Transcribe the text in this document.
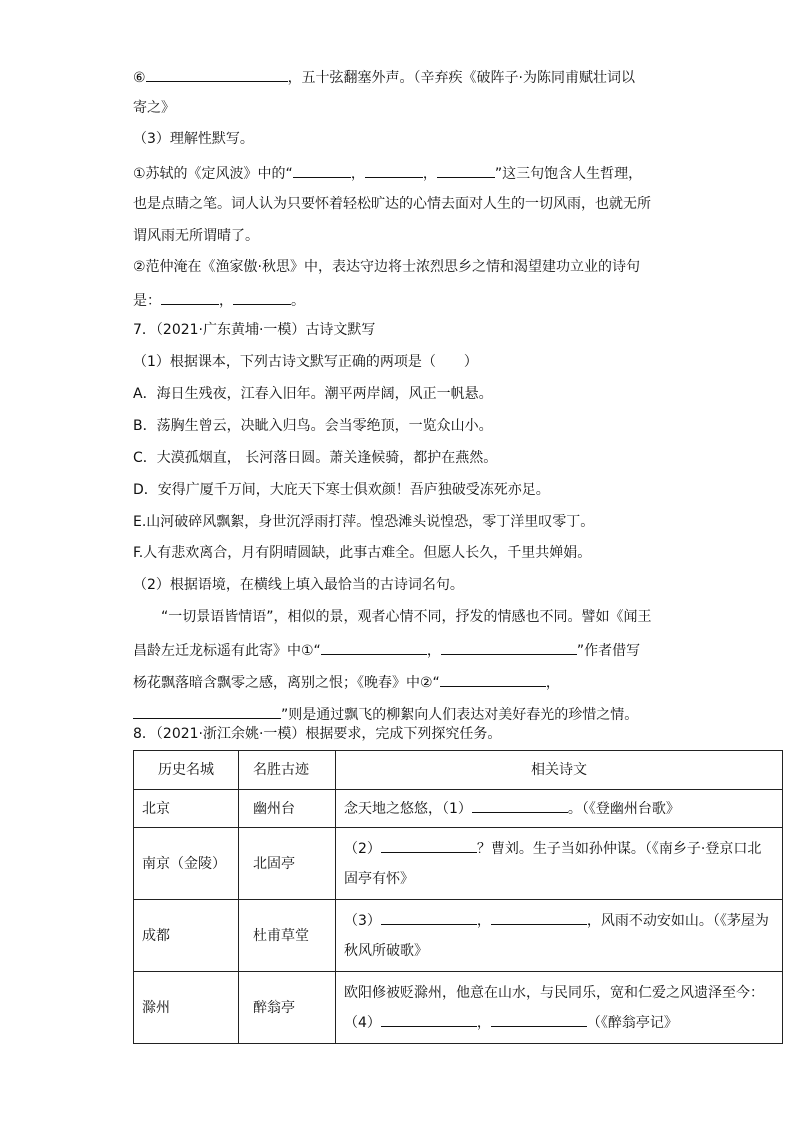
⑥	，五十弦翻塞外声。（辛弃疾《破阵子·为陈同甫赋壮词以
寄之》
（3）理解性默写。
①苏轼的《定风波》中的“	，	，	”这三句饱含人生哲理，
也是点睛之笔。词人认为只要怀着轻松旷达的心情去面对人生的一切风雨，也就无所
谓风雨无所谓晴了。
②范仲淹在《渔家傲·秋思》中，表达守边将士浓烈思乡之情和渴望建功立业的诗句
是：	，	。
7．（2021·广东黄埔·一模）古诗文默写
（1）根据课本，下列古诗文默写正确的两项是（　　）
A．海日生残夜，江春入旧年。潮平两岸阔，风正一帆悬。
B．荡胸生曾云，决眦入归鸟。会当零绝顶，一览众山小。
C．大漠孤烟直， 长河落日圆。萧关逢候骑，都护在燕然。
D．安得广厦千万间，大庇天下寒士俱欢颜！吾庐独破受冻死亦足。
E.山河破碎风飘絮，身世沉浮雨打萍。惶恐滩头说惶恐，零丁洋里叹零丁。
F.人有悲欢离合，月有阴晴圆缺，此事古难全。但愿人长久，千里共婵娟。
（2）根据语境，在横线上填入最恰当的古诗词名句。
“一切景语皆情语”，相似的景，观者心情不同，抒发的情感也不同。譬如《闻王
昌龄左迁龙标遥有此寄》中①“	，	”作者借写
杨花飘落暗含飘零之感，离别之恨；《晚春》中②“	，
”则是通过飘飞的柳絮向人们表达对美好春光的珍惜之情。
8．（2021·浙江余姚·一模）根据要求，完成下列探究任务。
历史名城	名胜古迹	相关诗文
北京	幽州台	念天地之悠悠，（1） 。（《登幽州台歌》
南京（金陵）	北固亭	（2） ？曹刘。生子当如孙仲谋。（《南乡子·登京口北
固亭有怀》
成都	杜甫草堂	（3） ， ，风雨不动安如山。（《茅屋为
秋风所破歌》
滁州	醉翁亭	欧阳修被贬滁州，他意在山水，与民同乐，宽和仁爱之风遗泽至今：
（4） ， （《醉翁亭记》
